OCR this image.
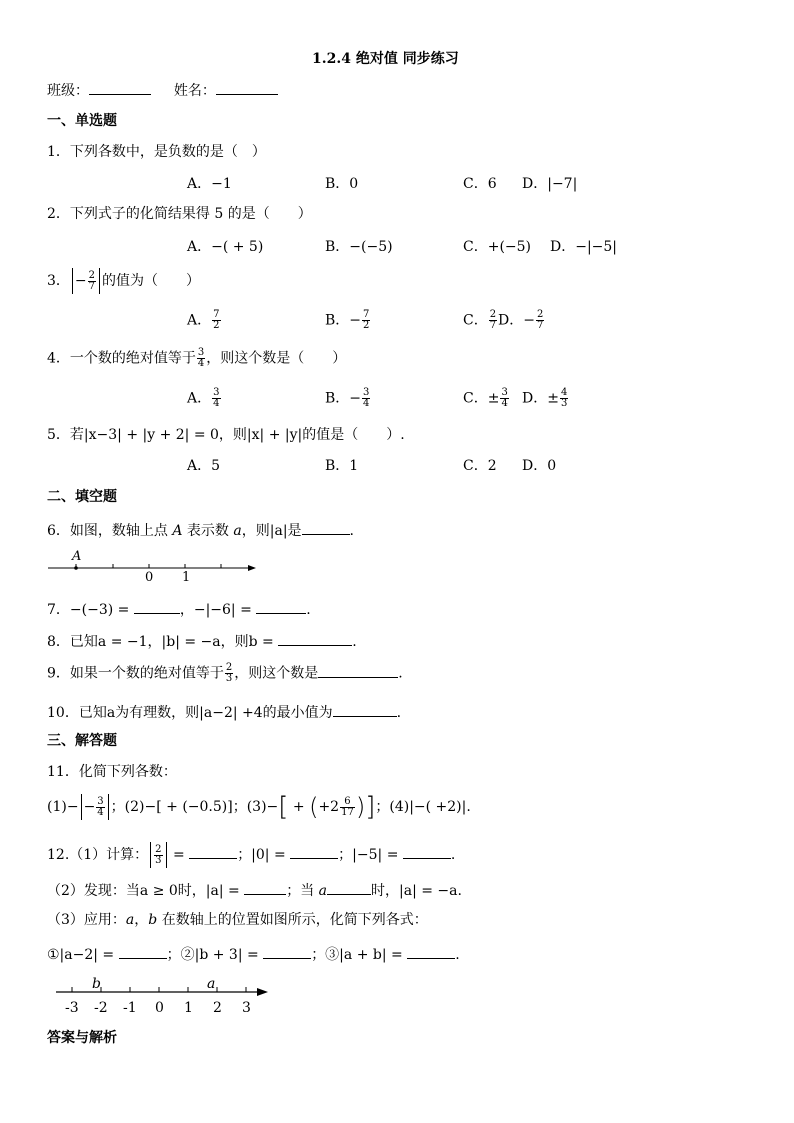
1.2.4 绝对值 同步练习
班级：	姓名：
一、单选题
1．下列各数中，是负数的是（　）
A．−1	B．0	C．6 D．|−7|
2．下列式子的化简结果得 5 的是（　　）
A．−( + 5)	B．−(−5)	C．+(−5) D．−|−5|
3． − $\frac{2}{7}$ 的值为（　　）
A． $\frac{7}{2}$	B．− $\frac{7}{2}$	C． $\frac{2}{7}$ D．− $\frac{2}{7}$
4．一个数的绝对值等于 $\frac{3}{4}$ ，则这个数是（　　）
A． $\frac{3}{4}$	B．− $\frac{3}{4}$	C．± $\frac{3}{4}$ D．± $\frac{4}{3}$
5．若|x−3| + |y + 2| = 0，则|x| + |y|的值是（　　）.
A．5	B．1	C．2 D．0
二、填空题
6．如图，数轴上点 A 表示数 a，则|a|是	.
A
0 1
7．−(−3) =	，−|−6| =	.
8．已知a = −1，|b| = −a，则b =	.
9．如果一个数的绝对值等于 $\frac{2}{3}$ ，则这个数是	.
10．已知a为有理数，则|a−2| +4的最小值为	.
三、解答题
11．化简下列各数：
$(1)- - \frac{3}{4}$ ；(2)−[ + (−0.5)]；$(3)-[ + (+2 \frac{6}{17}$ )]；(4)|−( +2)|.
12.（1）计算： $\frac{2}{3}$ =	；|0| =	；|−5| =	.
（2）发现：当a ≥ 0时，|a| =	；当 a	时，|a| = −a.
（3）应用：a，b 在数轴上的位置如图所示，化简下列各式：
①|a−2| =	；②|b + 3| =	；③|a + b| =	.
-3 -2 -1 0 1 2 3
b	a
答案与解析
